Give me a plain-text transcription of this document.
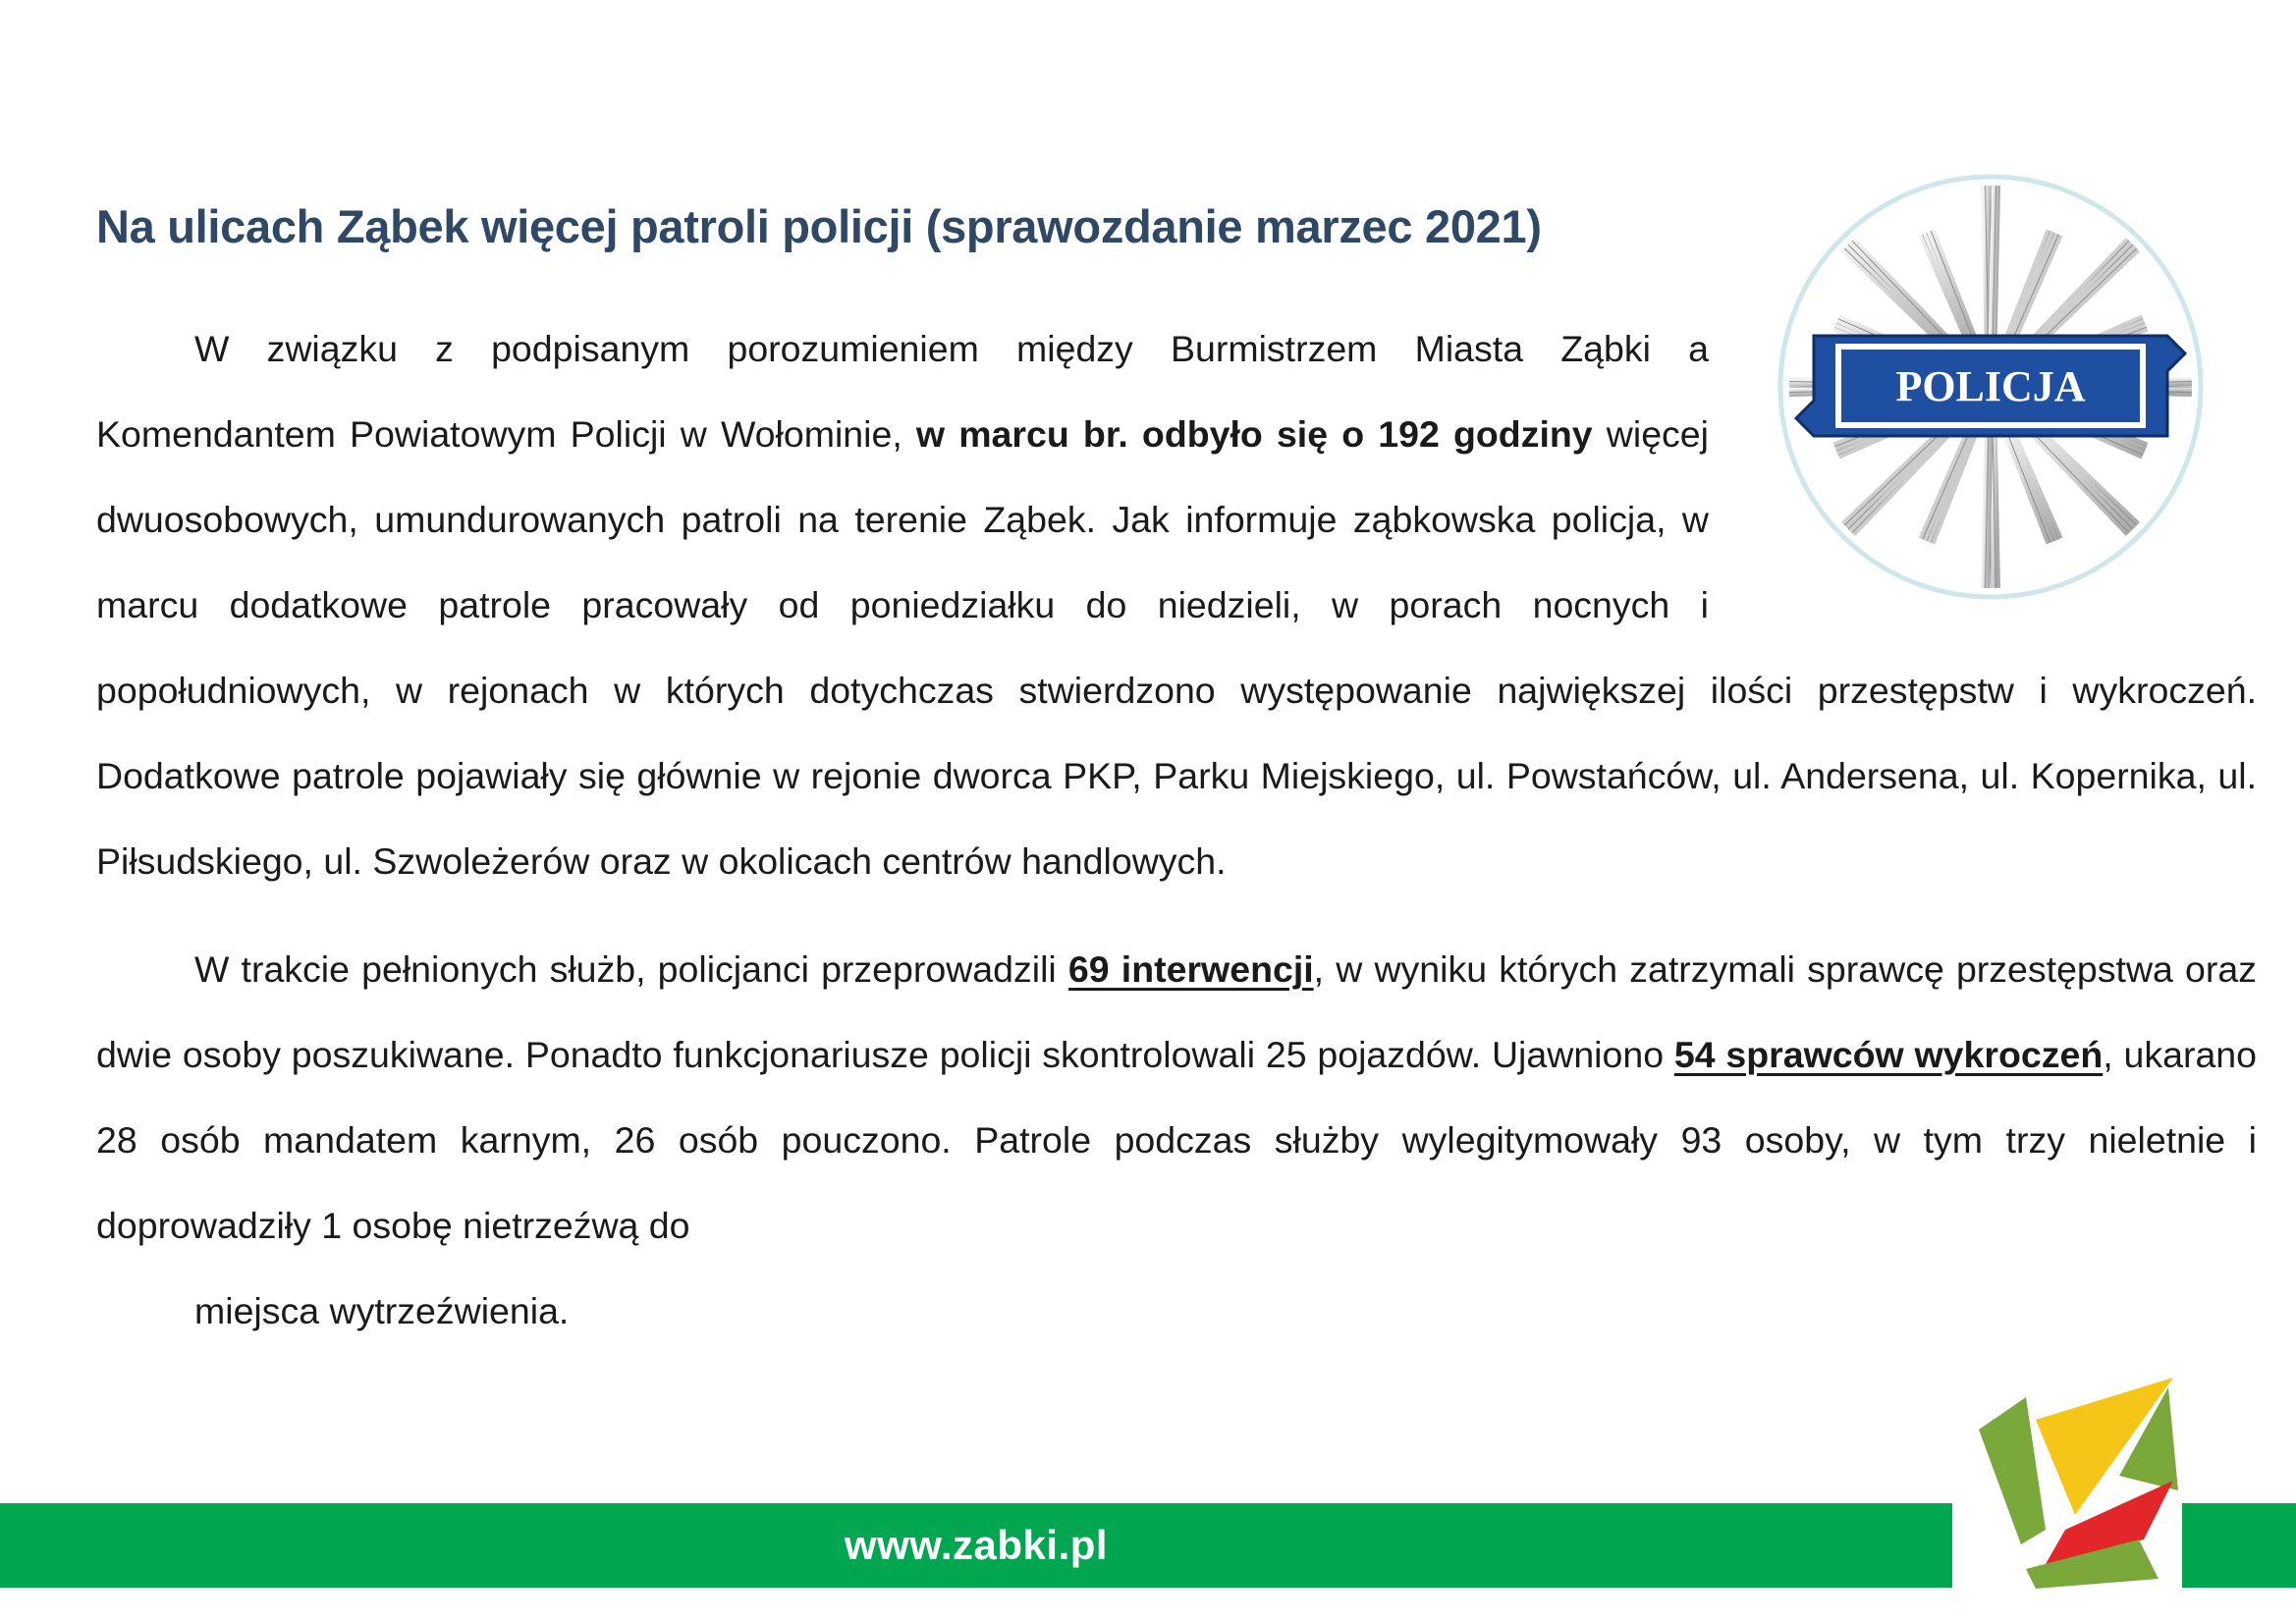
Na ulicach Ząbek więcej patroli policji (sprawozdanie marzec 2021)

W związku z podpisanym porozumieniem między Burmistrzem Miasta Ząbki a Komendantem Powiatowym Policji w Wołominie, w marcu br. odbyło się o 192 godziny więcej dwuosobowych, umundurowanych patroli na terenie Ząbek. Jak informuje ząbkowska policja, w marcu dodatkowe patrole pracowały od poniedziałku do niedzieli, w porach nocnych i popołudniowych, w rejonach w których dotychczas stwierdzono występowanie największej ilości przestępstw i wykroczeń. Dodatkowe patrole pojawiały się głównie w rejonie dworca PKP, Parku Miejskiego, ul. Powstańców, ul. Andersena, ul. Kopernika, ul. Piłsudskiego, ul. Szwoleżerów oraz w okolicach centrów handlowych.

W trakcie pełnionych służb, policjanci przeprowadzili 69 interwencji, w wyniku których zatrzymali sprawcę przestępstwa oraz dwie osoby poszukiwane. Ponadto funkcjonariusze policji skontrolowali 25 pojazdów. Ujawniono 54 sprawców wykroczeń, ukarano 28 osób mandatem karnym, 26 osób pouczono. Patrole podczas służby wylegitymowały 93 osoby, w tym trzy nieletnie i doprowadziły 1 osobę nietrzeźwą do
miejsca wytrzeźwienia.

POLICJA
www.zabki.pl
